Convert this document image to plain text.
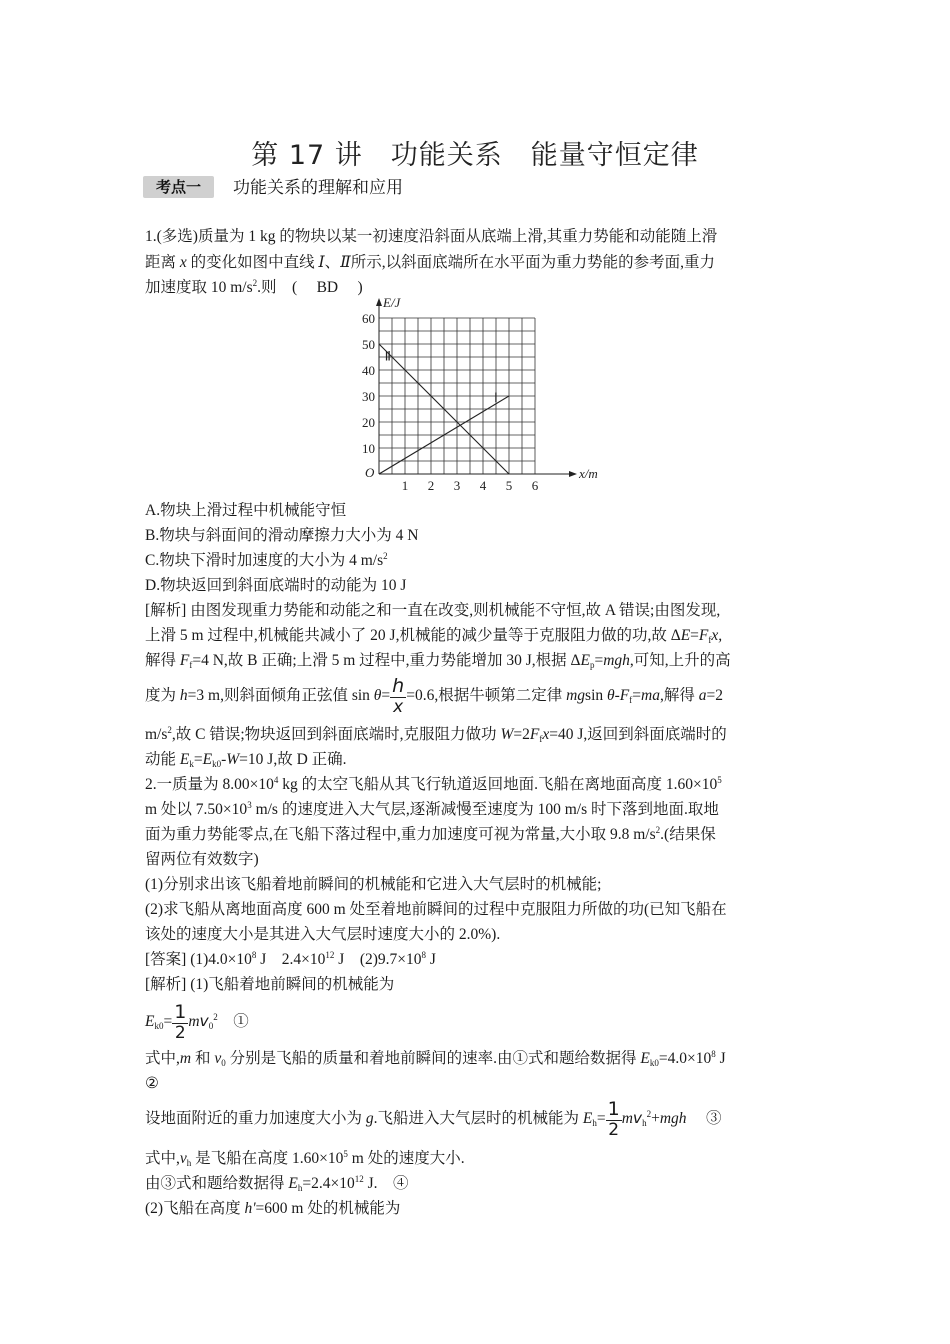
第 17 讲　功能关系　能量守恒定律
考点一	功能关系的理解和应用
1.(多选)质量为 1 kg 的物块以某一初速度沿斜面从底端上滑,其重力势能和动能随上滑
距离 x 的变化如图中直线 Ⅰ、Ⅱ所示,以斜面底端所在水平面为重力势能的参考面,重力
加速度取 10 $m/s^2$.则　(　 BD　 )
E/J
x/m
O
1 2 3 4 5 6
10
20
30
40
50
60
Ⅰ
Ⅱ
A.物块上滑过程中机械能守恒
B.物块与斜面间的滑动摩擦力大小为 4 N
C.物块下滑时加速度的大小为 4 $m/s^2$
D.物块返回到斜面底端时的动能为 10 J
[解析] 由图发现重力势能和动能之和一直在改变,则机械能不守恒,故 A 错误;由图发现,
上滑 5 m 过程中,机械能共减小了 20 J,机械能的减少量等于克服阻力做的功,故 $\Delta E=F_fx$,
解得 $F_f=4$ N,故 B 正确;上滑 5 m 过程中,重力势能增加 30 J,根据 $\Delta E_p=mgh$,可知,上升的高
度为 h=3 m,则斜面倾角正弦值 $\sin \theta= \frac{h}{x} =0.6$,根据牛顿第二定律 mgsin $\theta-F_f=ma$,解得 a=2
$m/s^2$,故 C 错误;物块返回到斜面底端时,克服阻力做功 $W=2F_fx=40$ J,返回到斜面底端时的
动能 $E_k=E_{k0}-W=10$ J,故 D 正确.
2.一质量为 $8.00\times 10^4$ kg 的太空飞船从其飞行轨道返回地面.飞船在离地面高度 $1.60\times 10^5$
m 处以 $7.50\times 10^3$ m/s 的速度进入大气层,逐渐减慢至速度为 100 m/s 时下落到地面.取地
面为重力势能零点,在飞船下落过程中,重力加速度可视为常量,大小取 9.8 $m/s^2$.(结果保
留两位有效数字)
(1)分别求出该飞船着地前瞬间的机械能和它进入大气层时的机械能;
(2)求飞船从离地面高度 600 m 处至着地前瞬间的过程中克服阻力所做的功(已知飞船在
该处的速度大小是其进入大气层时速度大小的 2.0%).
[答案] $(1)4.0\times 10^8$ J　$2.4\times 10^{12}$ J　$(2)9.7\times 10^8$ J
[解析] (1)飞船着地前瞬间的机械能为
$E_{k0}= \frac{1}{2} mv_0^2$　 ①
式中,m 和 $v_0$ 分别是飞船的质量和着地前瞬间的速率.由①式和题给数据得 $E_{k0}=4.0\times 10^8$ J
②
设地面附近的重力加速度大小为 g.飞船进入大气层时的机械能为 $E_h= \frac{1}{2} mv_h^2+mgh$　 ③
式中$,v_h$ 是飞船在高度 $1.60\times 10^5$ m 处的速度大小.
由③式和题给数据得 $E_h=2.4\times 10^{12}$ J.　④
(2)飞船在高度 h'=600 m 处的机械能为
